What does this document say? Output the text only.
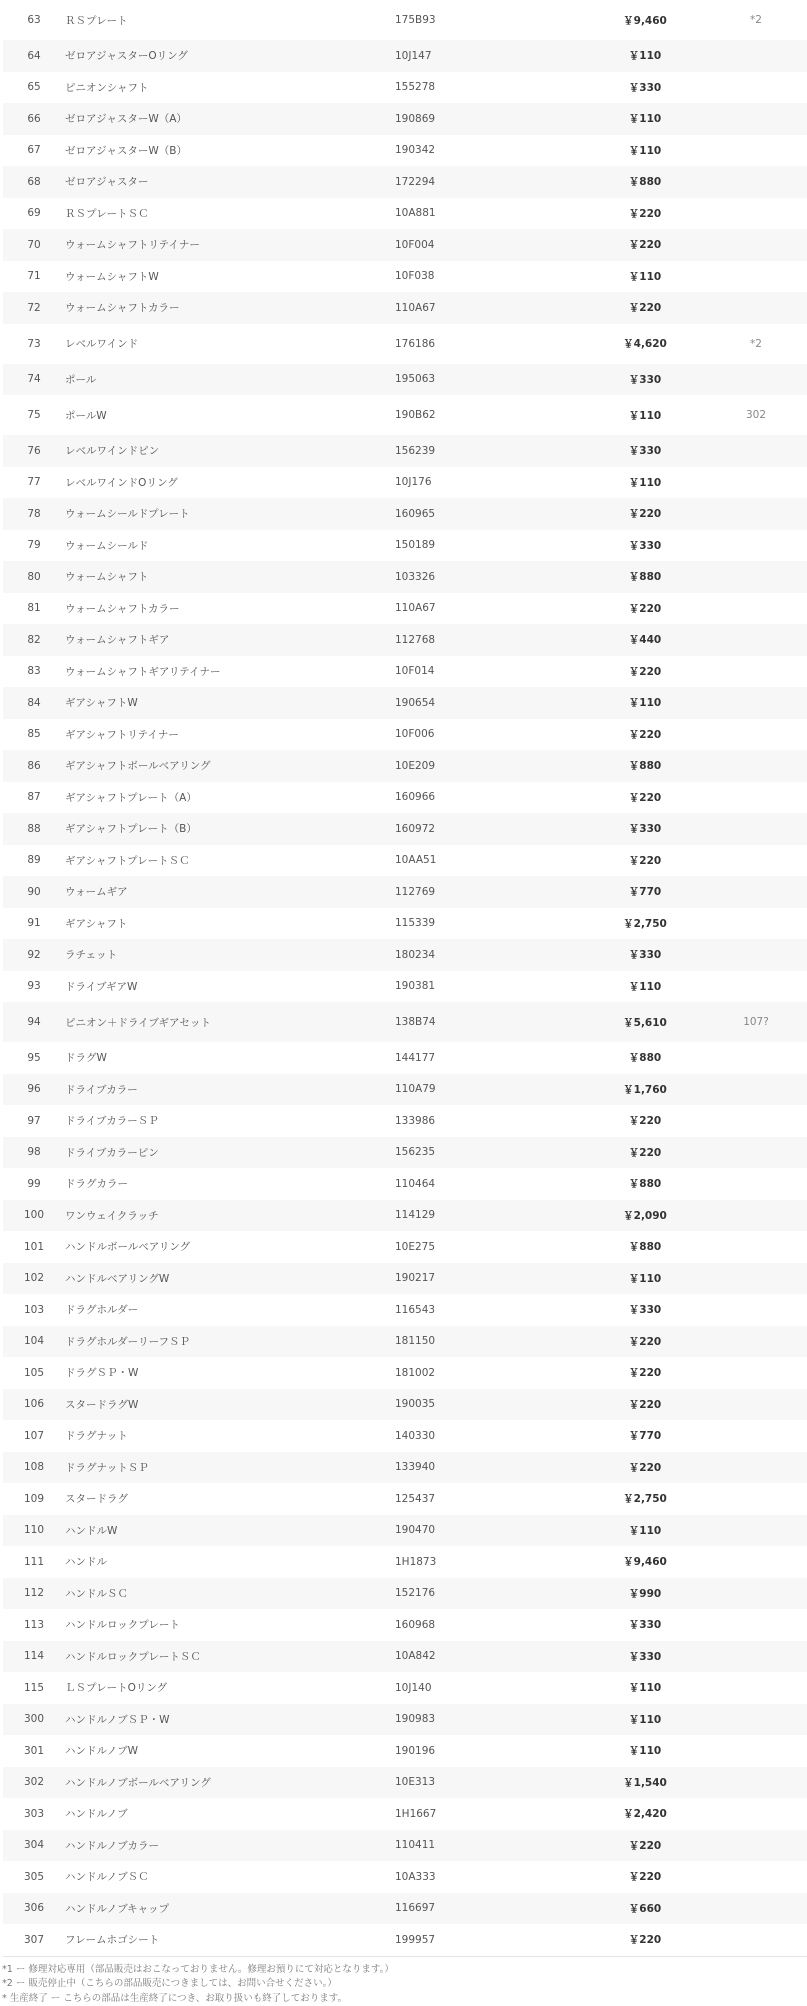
63	ＲＳプレート	175B93	￥9,460	*2
64	ゼロアジャスターOリング	10J147	￥110	
65	ピニオンシャフト	155278	￥330	
66	ゼロアジャスターW（A）	190869	￥110	
67	ゼロアジャスターW（B）	190342	￥110	
68	ゼロアジャスター	172294	￥880	
69	ＲＳプレートＳＣ	10A881	￥220	
70	ウォームシャフトリテイナー	10F004	￥220	
71	ウォームシャフトW	10F038	￥110	
72	ウォームシャフトカラー	110A67	￥220	
73	レベルワインド	176186	￥4,620	*2
74	ポール	195063	￥330	
75	ポールW	190B62	￥110	302
76	レベルワインドピン	156239	￥330	
77	レベルワインドOリング	10J176	￥110	
78	ウォームシールドプレート	160965	￥220	
79	ウォームシールド	150189	￥330	
80	ウォームシャフト	103326	￥880	
81	ウォームシャフトカラー	110A67	￥220	
82	ウォームシャフトギア	112768	￥440	
83	ウォームシャフトギアリテイナー	10F014	￥220	
84	ギアシャフトW	190654	￥110	
85	ギアシャフトリテイナー	10F006	￥220	
86	ギアシャフトボールベアリング	10E209	￥880	
87	ギアシャフトプレート（A）	160966	￥220	
88	ギアシャフトプレート（B）	160972	￥330	
89	ギアシャフトプレートＳＣ	10AA51	￥220	
90	ウォームギア	112769	￥770	
91	ギアシャフト	115339	￥2,750	
92	ラチェット	180234	￥330	
93	ドライブギアW	190381	￥110	
94	ピニオン＋ドライブギアセット	138B74	￥5,610	107?
95	ドラグW	144177	￥880	
96	ドライブカラー	110A79	￥1,760	
97	ドライブカラーＳＰ	133986	￥220	
98	ドライブカラーピン	156235	￥220	
99	ドラグカラー	110464	￥880	
100	ワンウェイクラッチ	114129	￥2,090	
101	ハンドルボールベアリング	10E275	￥880	
102	ハンドルベアリングW	190217	￥110	
103	ドラグホルダー	116543	￥330	
104	ドラグホルダーリーフＳＰ	181150	￥220	
105	ドラグＳＰ・W	181002	￥220	
106	スタードラグW	190035	￥220	
107	ドラグナット	140330	￥770	
108	ドラグナットＳＰ	133940	￥220	
109	スタードラグ	125437	￥2,750	
110	ハンドルW	190470	￥110	
111	ハンドル	1H1873	￥9,460	
112	ハンドルＳＣ	152176	￥990	
113	ハンドルロックプレート	160968	￥330	
114	ハンドルロックプレートＳＣ	10A842	￥330	
115	ＬＳプレートOリング	10J140	￥110	
300	ハンドルノブＳＰ・W	190983	￥110	
301	ハンドルノブW	190196	￥110	
302	ハンドルノブボールベアリング	10E313	￥1,540	
303	ハンドルノブ	1H1667	￥2,420	
304	ハンドルノブカラー	110411	￥220	
305	ハンドルノブＳＣ	10A333	￥220	
306	ハンドルノブキャップ	116697	￥660	
307	フレームホゴシート	199957	￥220	
*1 ー 修理対応専用（部品販売はおこなっておりません。修理お預りにて対応となります。）
*2 ー 販売停止中（こちらの部品販売につきましては、お問い合せください。）
* 生産終了 ー こちらの部品は生産終了につき、お取り扱いも終了しております。
